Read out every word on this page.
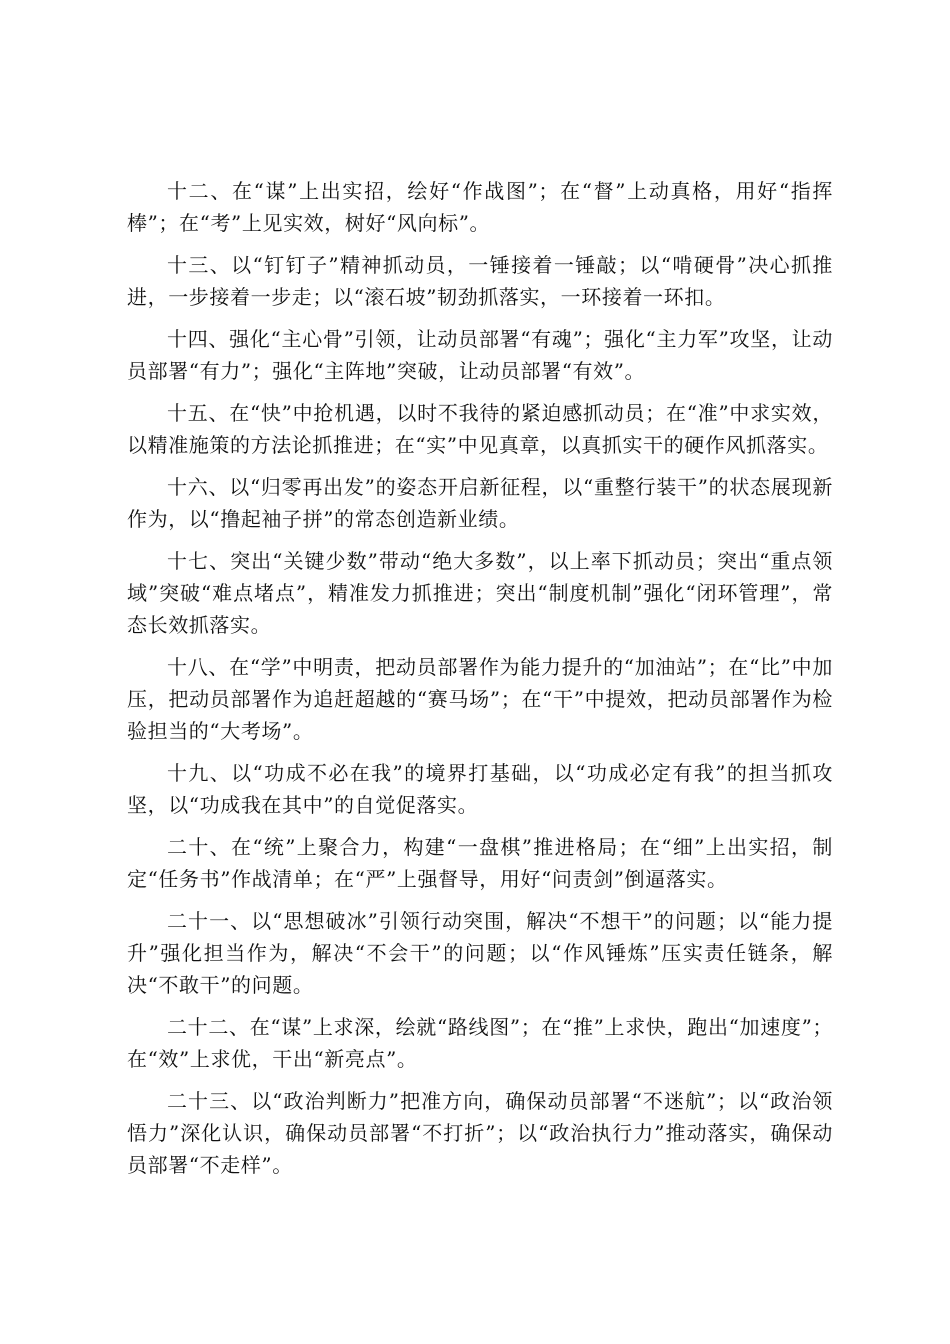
十二、在“谋”上出实招，绘好“作战图”；在“督”上动真格，用好“指挥棒”；在“考”上见实效，树好“风向标”。

十三、以“钉钉子”精神抓动员，一锤接着一锤敲；以“啃硬骨”决心抓推进，一步接着一步走；以“滚石坡”韧劲抓落实，一环接着一环扣。

十四、强化“主心骨”引领，让动员部署“有魂”；强化“主力军”攻坚，让动员部署“有力”；强化“主阵地”突破，让动员部署“有效”。

十五、在“快”中抢机遇，以时不我待的紧迫感抓动员；在“准”中求实效，以精准施策的方法论抓推进；在“实”中见真章，以真抓实干的硬作风抓落实。

十六、以“归零再出发”的姿态开启新征程，以“重整行装干”的状态展现新作为，以“撸起袖子拼”的常态创造新业绩。

十七、突出“关键少数”带动“绝大多数”，以上率下抓动员；突出“重点领域”突破“难点堵点”，精准发力抓推进；突出“制度机制”强化“闭环管理”，常态长效抓落实。

十八、在“学”中明责，把动员部署作为能力提升的“加油站”；在“比”中加压，把动员部署作为追赶超越的“赛马场”；在“干”中提效，把动员部署作为检验担当的“大考场”。

十九、以“功成不必在我”的境界打基础，以“功成必定有我”的担当抓攻坚，以“功成我在其中”的自觉促落实。

二十、在“统”上聚合力，构建“一盘棋”推进格局；在“细”上出实招，制定“任务书”作战清单；在“严”上强督导，用好“问责剑”倒逼落实。

二十一、以“思想破冰”引领行动突围，解决“不想干”的问题；以“能力提升”强化担当作为，解决“不会干”的问题；以“作风锤炼”压实责任链条，解决“不敢干”的问题。

二十二、在“谋”上求深，绘就“路线图”；在“推”上求快，跑出“加速度”；在“效”上求优，干出“新亮点”。

二十三、以“政治判断力”把准方向，确保动员部署“不迷航”；以“政治领悟力”深化认识，确保动员部署“不打折”；以“政治执行力”推动落实，确保动员部署“不走样”。
